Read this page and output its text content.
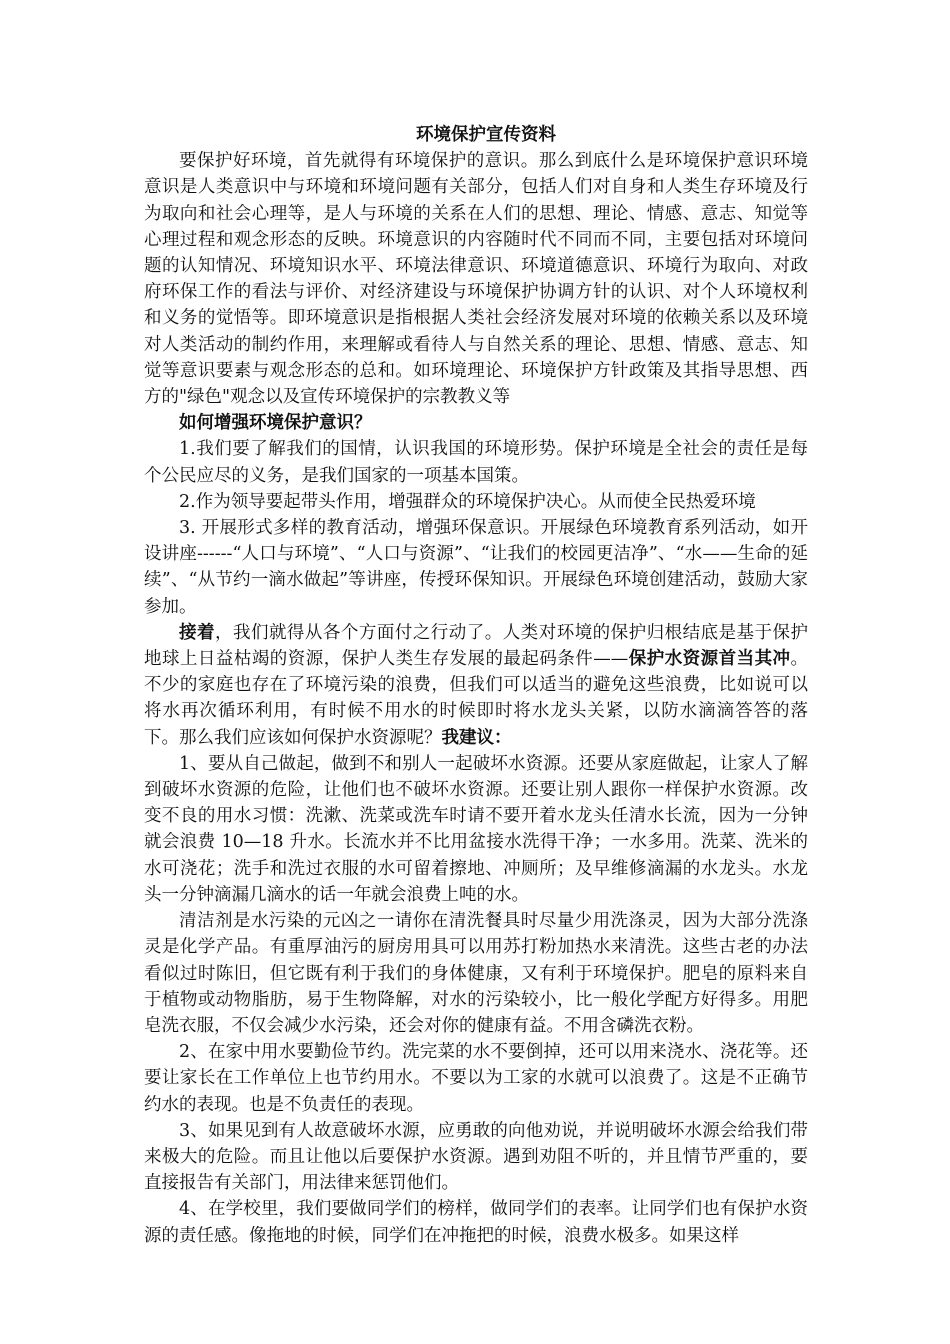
环境保护宣传资料

要保护好环境，首先就得有环境保护的意识。那么到底什么是环境保护意识环境意识是人类意识中与环境和环境问题有关部分，包括人们对自身和人类生存环境及行为取向和社会心理等，是人与环境的关系在人们的思想、理论、情感、意志、知觉等心理过程和观念形态的反映。环境意识的内容随时代不同而不同，主要包括对环境问题的认知情况、环境知识水平、环境法律意识、环境道德意识、环境行为取向、对政府环保工作的看法与评价、对经济建设与环境保护协调方针的认识、对个人环境权利和义务的觉悟等。即环境意识是指根据人类社会经济发展对环境的依赖关系以及环境对人类活动的制约作用，来理解或看待人与自然关系的理论、思想、情感、意志、知觉等意识要素与观念形态的总和。如环境理论、环境保护方针政策及其指导思想、西方的"绿色"观念以及宣传环境保护的宗教教义等

如何增强环境保护意识？

1.我们要了解我们的国情，认识我国的环境形势。保护环境是全社会的责任是每个公民应尽的义务，是我们国家的一项基本国策。

2.作为领导要起带头作用，增强群众的环境保护决心。从而使全民热爱环境

3. 开展形式多样的教育活动，增强环保意识。开展绿色环境教育系列活动，如开设讲座------“人口与环境”、“人口与资源”、“让我们的校园更洁净”、“水——生命的延续”、“从节约一滴水做起”等讲座，传授环保知识。开展绿色环境创建活动，鼓励大家参加。

接着，我们就得从各个方面付之行动了。人类对环境的保护归根结底是基于保护地球上日益枯竭的资源，保护人类生存发展的最起码条件——保护水资源首当其冲。不少的家庭也存在了环境污染的浪费，但我们可以适当的避免这些浪费，比如说可以将水再次循环利用，有时候不用水的时候即时将水龙头关紧，以防水滴滴答答的落下。那么我们应该如何保护水资源呢？我建议：

1、要从自己做起，做到不和别人一起破坏水资源。还要从家庭做起，让家人了解到破坏水资源的危险，让他们也不破坏水资源。还要让别人跟你一样保护水资源。改变不良的用水习惯：洗漱、洗菜或洗车时请不要开着水龙头任清水长流，因为一分钟就会浪费 10—18 升水。长流水并不比用盆接水洗得干净；一水多用。洗菜、洗米的水可浇花；洗手和洗过衣服的水可留着擦地、冲厕所；及早维修滴漏的水龙头。水龙头一分钟滴漏几滴水的话一年就会浪费上吨的水。

清洁剂是水污染的元凶之一请你在清洗餐具时尽量少用洗涤灵，因为大部分洗涤灵是化学产品。有重厚油污的厨房用具可以用苏打粉加热水来清洗。这些古老的办法看似过时陈旧，但它既有利于我们的身体健康，又有利于环境保护。肥皂的原料来自于植物或动物脂肪，易于生物降解，对水的污染较小，比一般化学配方好得多。用肥皂洗衣服，不仅会减少水污染，还会对你的健康有益。不用含磷洗衣粉。

2、在家中用水要勤俭节约。洗完菜的水不要倒掉，还可以用来浇水、浇花等。还要让家长在工作单位上也节约用水。不要以为工家的水就可以浪费了。这是不正确节约水的表现。也是不负责任的表现。

3、如果见到有人故意破坏水源，应勇敢的向他劝说，并说明破坏水源会给我们带来极大的危险。而且让他以后要保护水资源。遇到劝阻不听的，并且情节严重的，要直接报告有关部门，用法律来惩罚他们。

4、在学校里，我们要做同学们的榜样，做同学们的表率。让同学们也有保护水资源的责任感。像拖地的时候，同学们在冲拖把的时候，浪费水极多。如果这样
